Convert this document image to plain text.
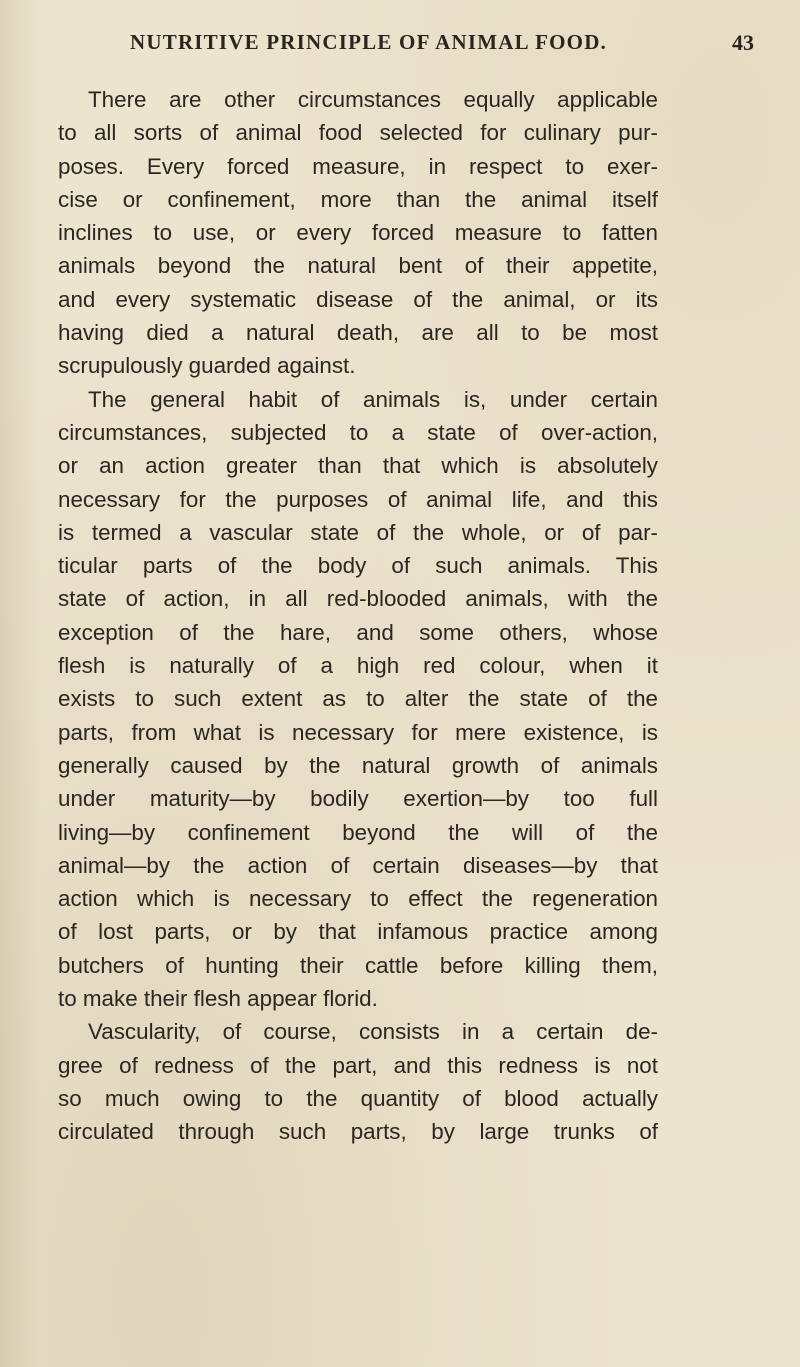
NUTRITIVE PRINCIPLE OF ANIMAL FOOD.	43
There are other circumstances equally applicable
to all sorts of animal food selected for culinary pur-
poses. Every forced measure, in respect to exer-
cise or confinement, more than the animal itself
inclines to use, or every forced measure to fatten
animals beyond the natural bent of their appetite,
and every systematic disease of the animal, or its
having died a natural death, are all to be most
scrupulously guarded against.
The general habit of animals is, under certain
circumstances, subjected to a state of over-action,
or an action greater than that which is absolutely
necessary for the purposes of animal life, and this
is termed a vascular state of the whole, or of par-
ticular parts of the body of such animals. This
state of action, in all red-blooded animals, with the
exception of the hare, and some others, whose
flesh is naturally of a high red colour, when it
exists to such extent as to alter the state of the
parts, from what is necessary for mere existence, is
generally caused by the natural growth of animals
under maturity—by bodily exertion—by too full
living—by confinement beyond the will of the
animal—by the action of certain diseases—by that
action which is necessary to effect the regeneration
of lost parts, or by that infamous practice among
butchers of hunting their cattle before killing them,
to make their flesh appear florid.
Vascularity, of course, consists in a certain de-
gree of redness of the part, and this redness is not
so much owing to the quantity of blood actually
circulated through such parts, by large trunks of
